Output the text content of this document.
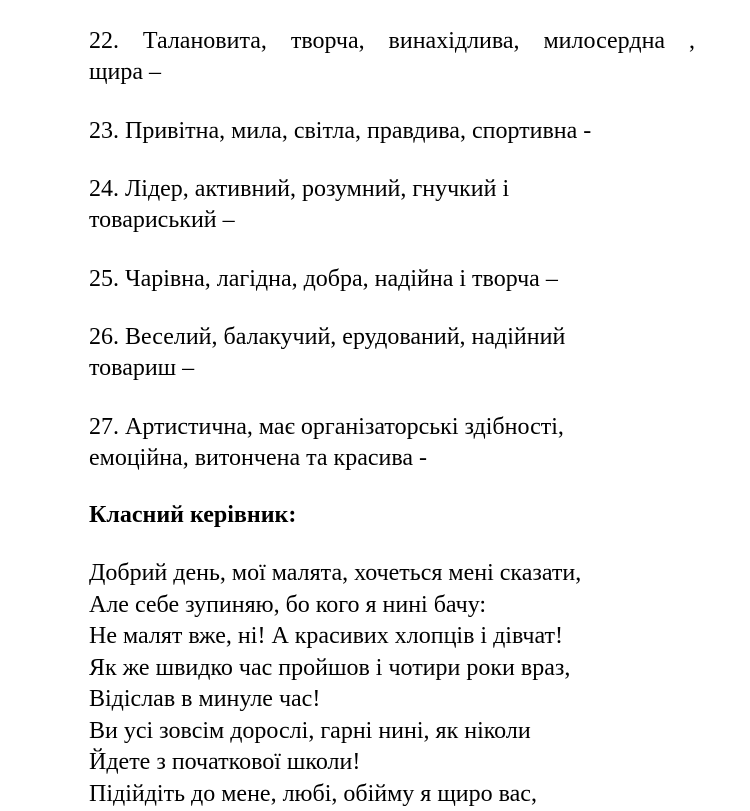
22. Талановита, творча, винахідлива, милосердна ,
щира –
23. Привітна, мила, світла, правдива, спортивна -
24. Лідер, активний, розумний, гнучкий і
товариський –
25. Чарівна, лагідна, добра, надійна і творча –
26. Веселий, балакучий, ерудований, надійний
товариш –
27. Артистична, має організаторські здібності,
емоційна, витончена та красива -
Класний керівник:
Добрий день, мої малята, хочеться мені сказати,
Але себе зупиняю, бо кого я нині бачу:
Не малят вже, ні! А красивих хлопців і дівчат!
Як же швидко час пройшов і чотири роки враз,
Відіслав в минуле час!
Ви усі зовсім дорослі, гарні нині, як ніколи
Йдете з початкової школи!
Підійдіть до мене, любі, обійму я щиро вас,
